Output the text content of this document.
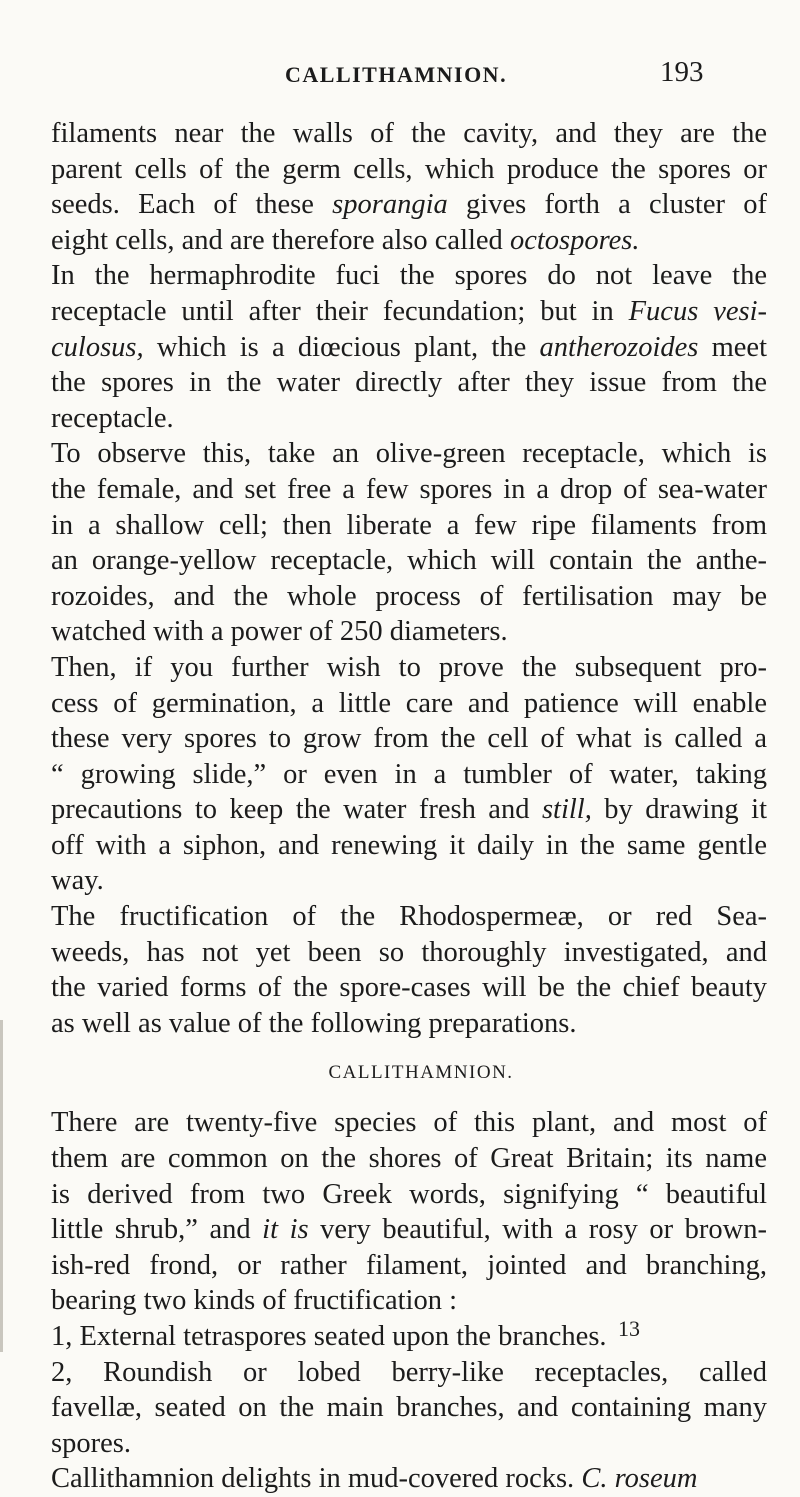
CALLITHAMNION.	193
filaments near the walls of the cavity, and they are the
parent cells of the germ cells, which produce the spores or
seeds. Each of these sporangia gives forth a cluster of
eight cells, and are therefore also called octospores.
In the hermaphrodite fuci the spores do not leave the
receptacle until after their fecundation; but in Fucus vesi-
culosus, which is a diœcious plant, the antherozoides meet
the spores in the water directly after they issue from the
receptacle.
To observe this, take an olive-green receptacle, which is
the female, and set free a few spores in a drop of sea-water
in a shallow cell; then liberate a few ripe filaments from
an orange-yellow receptacle, which will contain the anthe-
rozoides, and the whole process of fertilisation may be
watched with a power of 250 diameters.
Then, if you further wish to prove the subsequent pro-
cess of germination, a little care and patience will enable
these very spores to grow from the cell of what is called a
“ growing slide,” or even in a tumbler of water, taking
precautions to keep the water fresh and still, by drawing it
off with a siphon, and renewing it daily in the same gentle
way.
The fructification of the Rhodospermeæ, or red Sea-
weeds, has not yet been so thoroughly investigated, and
the varied forms of the spore-cases will be the chief beauty
as well as value of the following preparations.
CALLITHAMNION.
There are twenty-five species of this plant, and most of
them are common on the shores of Great Britain; its name
is derived from two Greek words, signifying “ beautiful
little shrub,” and it is very beautiful, with a rosy or brown-
ish-red frond, or rather filament, jointed and branching,
bearing two kinds of fructification :
1, External tetraspores seated upon the branches.
2, Roundish or lobed berry-like receptacles, called
favellæ, seated on the main branches, and containing many
spores.
Callithamnion delights in mud-covered rocks. C. roseum
13
